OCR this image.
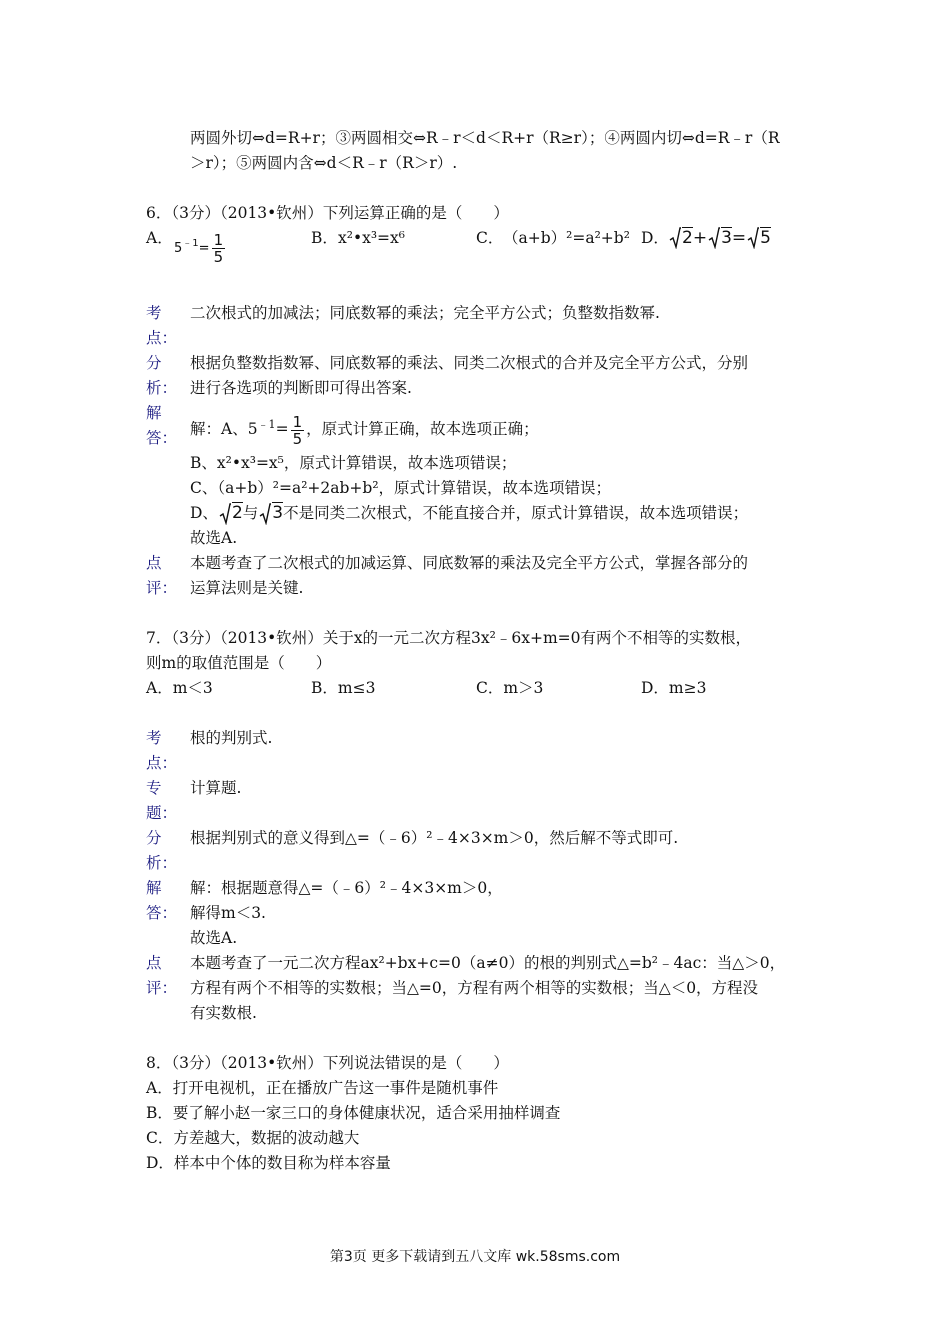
两圆外切⇔d=R+r；③两圆相交⇔R﹣r＜d＜R+r（R≥r）；④两圆内切⇔d=R﹣r（R
＞r）；⑤两圆内含⇔d＜R﹣r（R＞r）.
6．（3分）（2013•钦州）下列运算正确的是（　　）
A．
$5^{﹣1}= \frac{1}{5}$	B． x²•x³=x⁶	C． （a+b）²=a²+b² D． 2+ 3= 5
考
点：
二次根式的加减法；同底数幂的乘法；完全平方公式；负整数指数幂.
分
析：
根据负整数指数幂、同底数幂的乘法、同类二次根式的合并及完全平方公式，分别
进行各选项的判断即可得出答案.
解
答： 解：A、$5^{﹣1}= \frac{1}{5}$ ，原式计算正确，故本选项正确；
B、x²•x³=x⁵，原式计算错误，故本选项错误；
C、（a+b）²=a²+2ab+b²，原式计算错误，故本选项错误；
D、 2与 3不是同类二次根式，不能直接合并，原式计算错误，故本选项错误；
故选A.
点
评：
本题考查了二次根式的加减运算、同底数幂的乘法及完全平方公式，掌握各部分的
运算法则是关键.
7．（3分）（2013•钦州）关于x的一元二次方程3x²﹣6x+m=0有两个不相等的实数根，
则m的取值范围是（　　）
A．m＜3	B．m≤3	C．m＞3	D．m≥3
考
点：
根的判别式.
专
题：
计算题.
分
析：
根据判别式的意义得到△=（﹣6）²﹣4×3×m＞0，然后解不等式即可.
解
答：
解：根据题意得△=（﹣6）²﹣4×3×m＞0，
解得m＜3.
故选A.
点
评：
本题考查了一元二次方程ax²+bx+c=0（a≠0）的根的判别式△=b²﹣4ac：当△＞0，
方程有两个不相等的实数根；当△=0，方程有两个相等的实数根；当△＜0，方程没
有实数根.
8．（3分）（2013•钦州）下列说法错误的是（　　）
A．打开电视机，正在播放广告这一事件是随机事件
B．要了解小赵一家三口的身体健康状况，适合采用抽样调查
C．方差越大，数据的波动越大
D．样本中个体的数目称为样本容量
第3页 更多下载请到五八文库 wk.58sms.com
